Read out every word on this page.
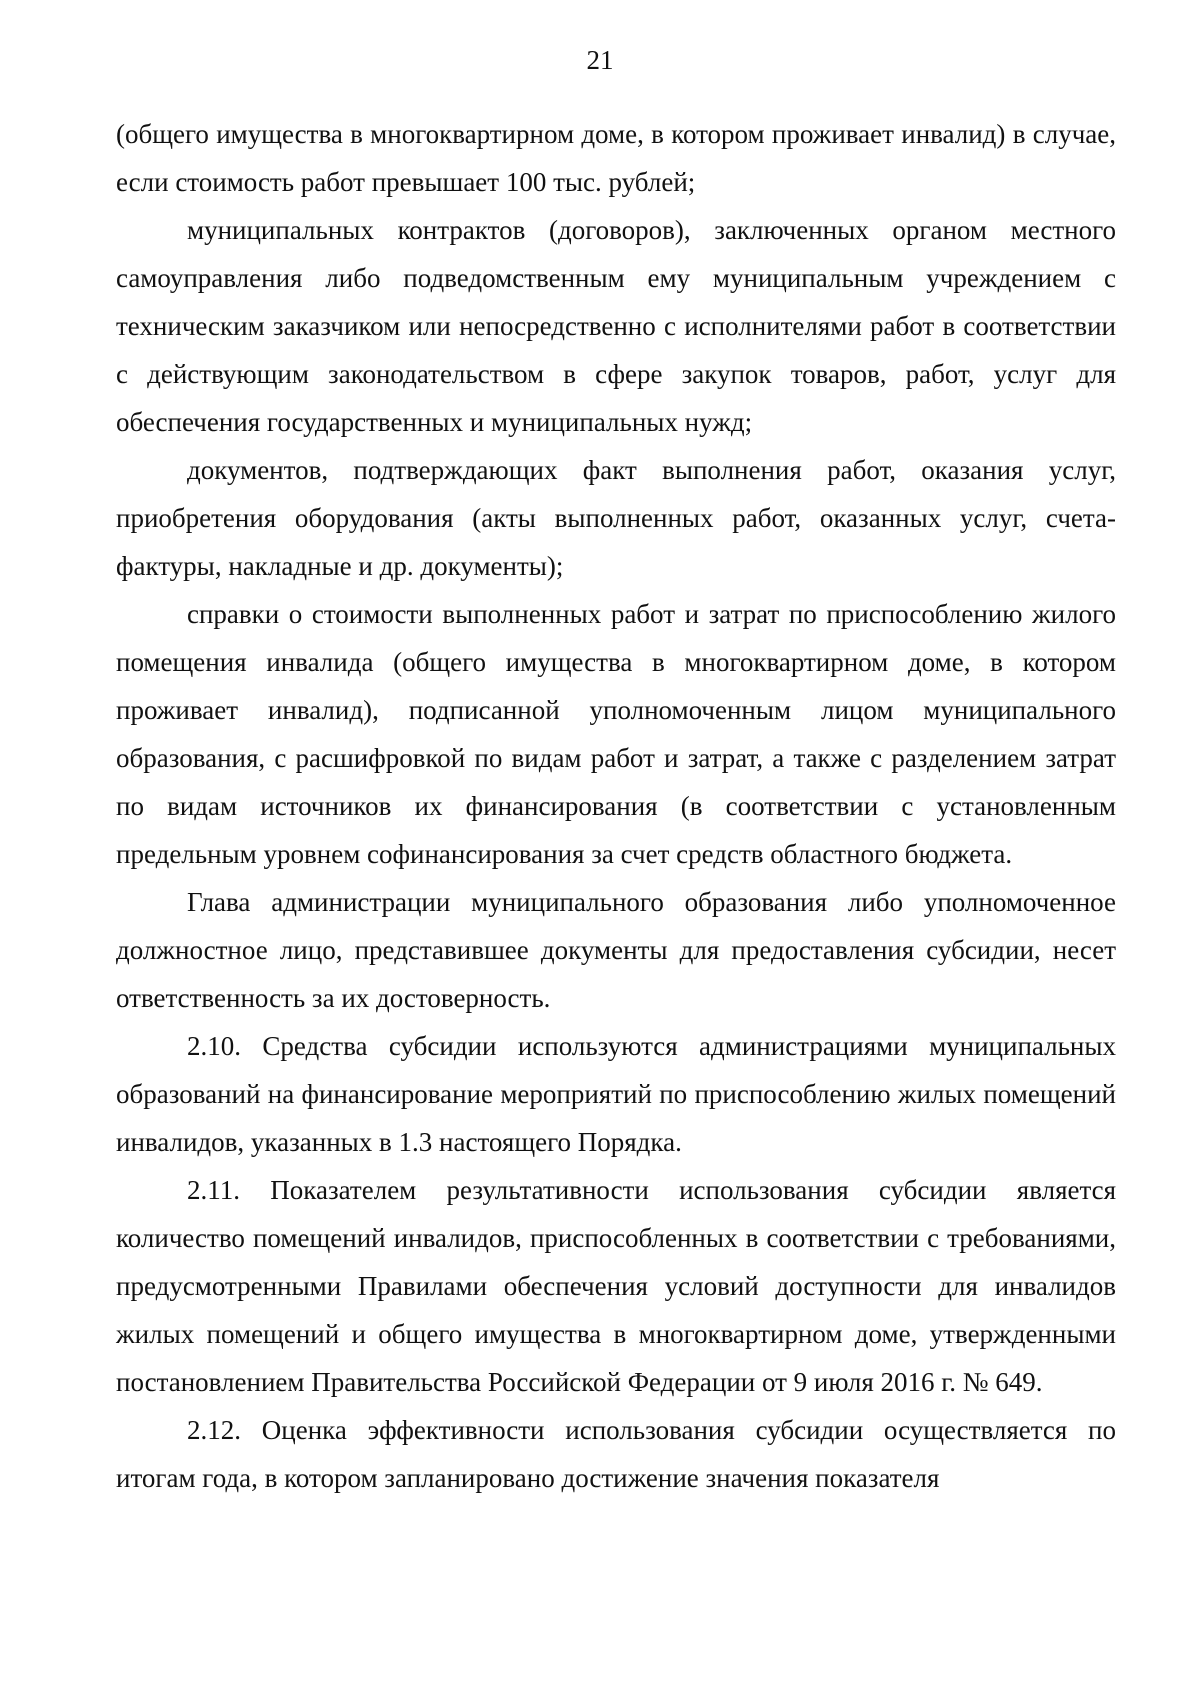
21

(общего имущества в многоквартирном доме, в котором проживает инвалид) в случае, если стоимость работ превышает 100 тыс. рублей;

муниципальных контрактов (договоров), заключенных органом местного самоуправления либо подведомственным ему муниципальным учреждением с техническим заказчиком или непосредственно с исполнителями работ в соответствии с действующим законодательством в сфере закупок товаров, работ, услуг для обеспечения государственных и муниципальных нужд;

документов, подтверждающих факт выполнения работ, оказания услуг, приобретения оборудования (акты выполненных работ, оказанных услуг, счета-фактуры, накладные и др. документы);

справки о стоимости выполненных работ и затрат по приспособлению жилого помещения инвалида (общего имущества в многоквартирном доме, в котором проживает инвалид), подписанной уполномоченным лицом муниципального образования, с расшифровкой по видам работ и затрат, а также с разделением затрат по видам источников их финансирования (в соответствии с установленным предельным уровнем софинансирования за счет средств областного бюджета.

Глава администрации муниципального образования либо уполномоченное должностное лицо, представившее документы для предоставления субсидии, несет ответственность за их достоверность.

2.10. Средства субсидии используются администрациями муниципальных образований на финансирование мероприятий по приспособлению жилых помещений инвалидов, указанных в 1.3 настоящего Порядка.

2.11. Показателем результативности использования субсидии является количество помещений инвалидов, приспособленных в соответствии с требованиями, предусмотренными Правилами обеспечения условий доступности для инвалидов жилых помещений и общего имущества в многоквартирном доме, утвержденными постановлением Правительства Российской Федерации от 9 июля 2016 г. № 649.

2.12. Оценка эффективности использования субсидии осуществляется по итогам года, в котором запланировано достижение значения показателя
